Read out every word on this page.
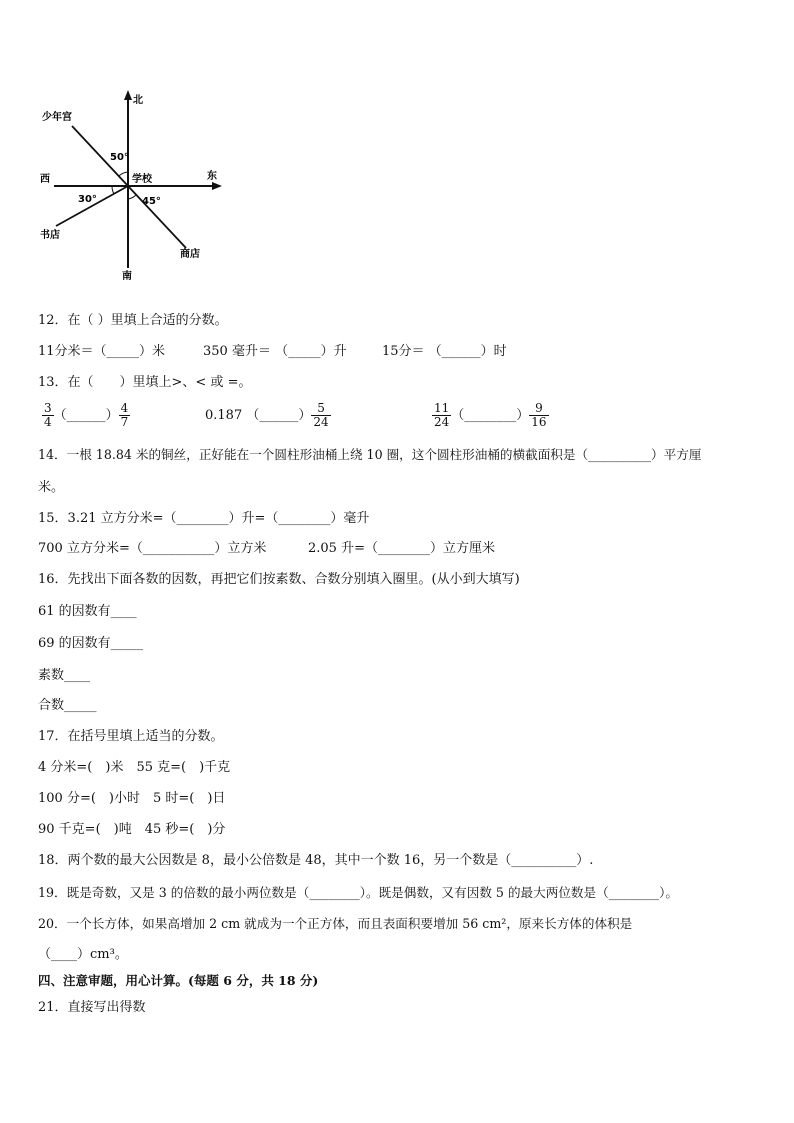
北
南
东
西	学校
少年宫
书店
商店
50°
30°	45°
12．在（ ）里填上合适的分数。
11分米＝（_____）米	350 毫升＝ （_____）升	15分＝ （______）时
13．在（　　）里填上>、< 或 =。
$\frac{3}{4}$ （______） $\frac{4}{7}$	0.187 （______） $\frac{5}{24}$	$\frac{11}{24}$ （________） $\frac{9}{16}$
14．一根 18.84 米的铜丝，正好能在一个圆柱形油桶上绕 10 圈，这个圆柱形油桶的横截面积是（__________）平方厘
米。
15．3.21 立方分米=（________）升=（________）毫升
700 立方分米=（___________）立方米	2.05 升=（________）立方厘米
16．先找出下面各数的因数，再把它们按素数、合数分别填入圈里。(从小到大填写)
61 的因数有____
69 的因数有_____
素数____
合数_____
17．在括号里填上适当的分数。
4 分米=(　)米　55 克=(　)千克
100 分=(　)小时　5 时=(　)日
90 千克=(　)吨　45 秒=(　)分
18．两个数的最大公因数是 8，最小公倍数是 48，其中一个数 16，另一个数是（__________）.
19．既是奇数，又是 3 的倍数的最小两位数是（________）。既是偶数，又有因数 5 的最大两位数是（________）。
20．一个长方体，如果高增加 2 cm 就成为一个正方体，而且表面积要增加 56 cm²，原来长方体的体积是
（____）cm³。
四、注意审题，用心计算。(每题 6 分，共 18 分)
21．直接写出得数
